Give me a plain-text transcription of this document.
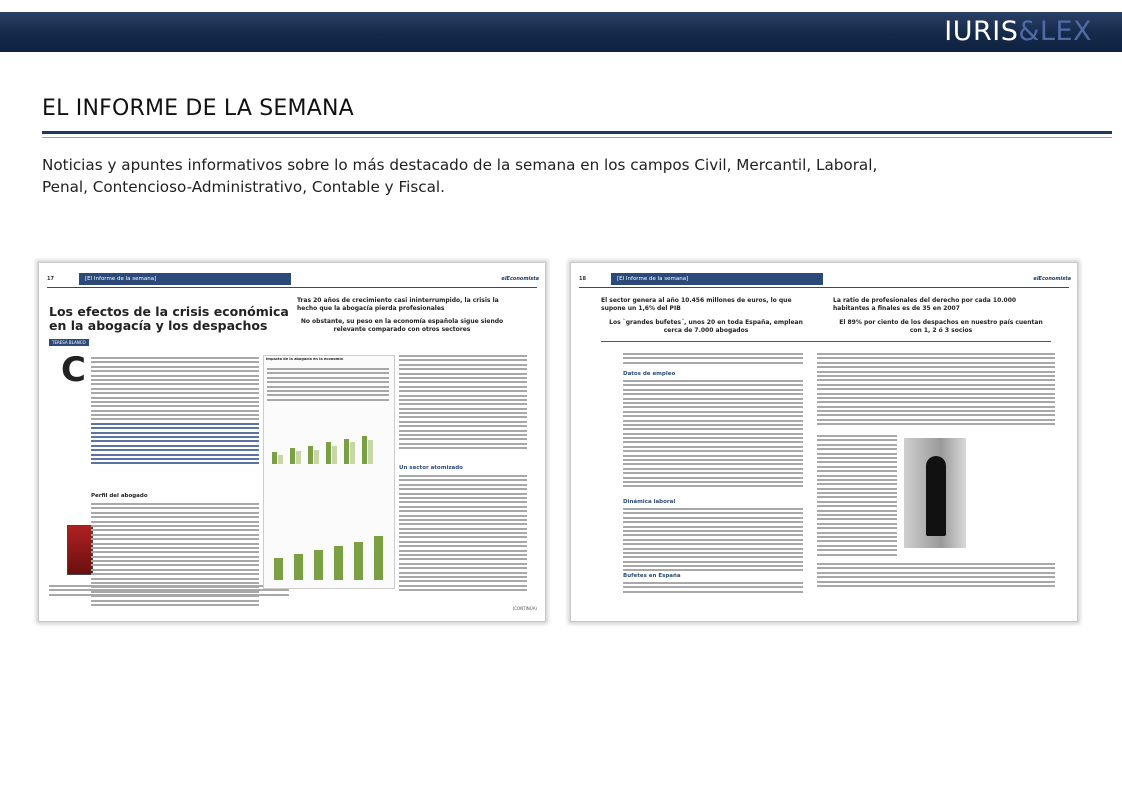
IURIS&LEX
EL INFORME DE LA SEMANA
Noticias y apuntes informativos sobre lo más destacado de la semana en los campos Civil, Mercantil, Laboral, Penal, Contencioso-Administrativo, Contable y Fiscal.
17	[El Informe de la semana]	elEconomista
Los efectos de la crisis económica en la abogacía y los despachos
TERESA BLANCO
Tras 20 años de crecimiento casi ininterrumpido, la crisis la hecho que la abogacía pierda profesionales
No obstante, su peso en la economía española sigue siendo relevante comparado con otros sectores
C
Perfil del abogado
Impacto de la abogacía en la economía
Un sector atomizado
(CONTINÚA)
18	[El Informe de la semana]	elEconomista
El sector genera al año 10.456 millones de euros, lo que supone un 1,6% del PIB
Los `grandes bufetes´, unos 20 en toda España, emplean cerca de 7.000 abogados
La ratio de profesionales del derecho por cada 10.000 habitantes a finales es de 35 en 2007
El 89% por ciento de los despachos en nuestro país cuentan con 1, 2 ó 3 socios
Datos de empleo
Dinámica laboral
Bufetes en España
